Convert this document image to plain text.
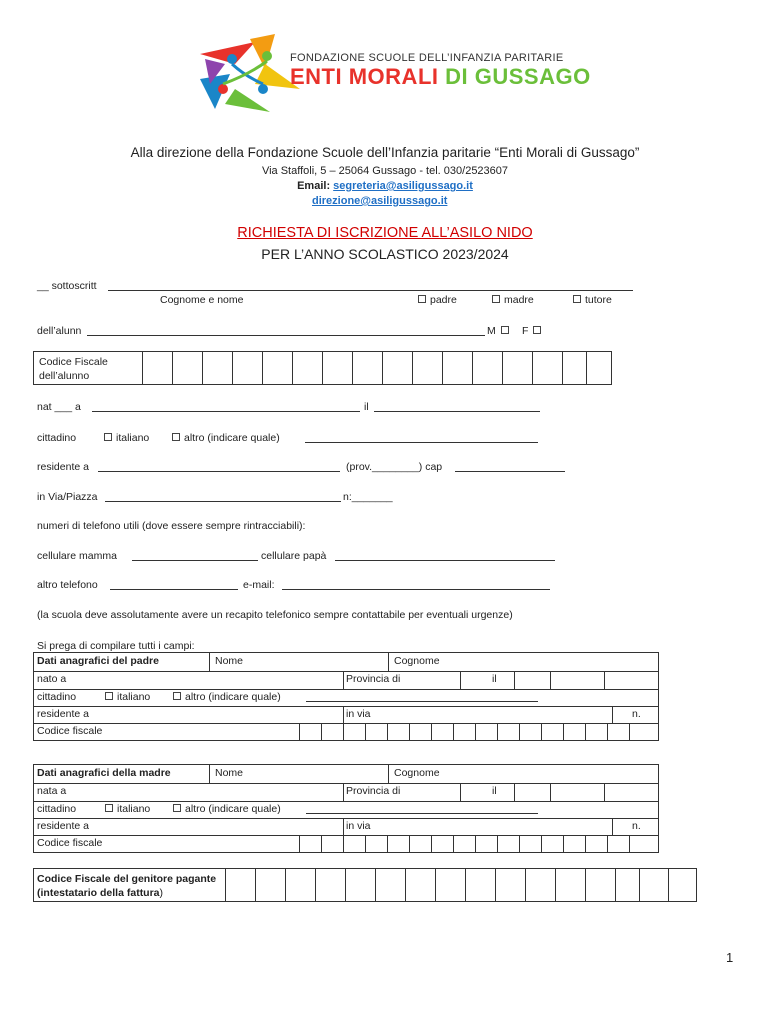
FONDAZIONE SCUOLE DELL’INFANZIA PARITARIE
ENTI MORALI DI GUSSAGO
Alla direzione della Fondazione Scuole dell’Infanzia paritarie “Enti Morali di Gussago”
Via Staffoli, 5 – 25064 Gussago - tel. 030/2523607
Email: segreteria@asiligussago.it
direzione@asiligussago.it
RICHIESTA DI ISCRIZIONE ALL’ASILO NIDO
PER L’ANNO SCOLASTICO 2023/2024
__ sottoscritt
Cognome e nome	padre	madre	tutore
dell’alunn	M	F
Codice Fiscale
dell’alunno
nat ___ a	il
cittadino	italiano	altro (indicare quale)
residente a	(prov.________) cap
in Via/Piazza	n:_______
numeri di telefono utili (dove essere sempre rintracciabili):
cellulare mamma	cellulare papà
altro telefono	e-mail:
(la scuola deve assolutamente avere un recapito telefonico sempre contattabile per eventuali urgenze)
Si prega di compilare tutti i campi:
Dati anagrafici del padre	Nome	Cognome
nato a	Provincia di	il
cittadino	italiano	altro (indicare quale)
residente a	in via	n.
Codice fiscale
Dati anagrafici della madre	Nome	Cognome
nata a	Provincia di	il
cittadino	italiano	altro (indicare quale)
residente a	in via	n.
Codice fiscale
Codice Fiscale del genitore pagante
(intestatario della fattura)
1
